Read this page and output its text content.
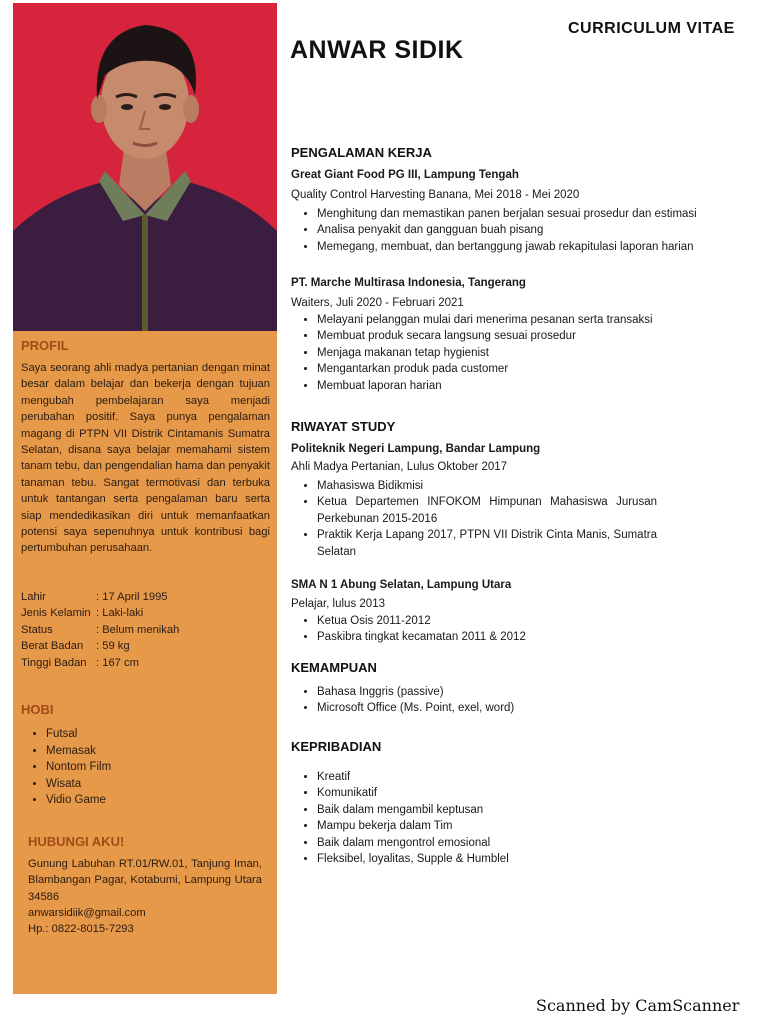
PROFIL

Saya seorang ahli madya pertanian dengan minat besar dalam belajar dan bekerja dengan tujuan mengubah pembelajaran saya menjadi perubahan positif. Saya punya pengalaman magang di PTPN VII Distrik Cintamanis Sumatra Selatan, disana saya belajar memahami sistem tanam tebu, dan pengendalian hama dan penyakit tanaman tebu. Sangat termotivasi dan terbuka untuk tantangan serta pengalaman baru serta siap mendedikasikan diri untuk memanfaatkan potensi saya sepenuhnya untuk kontribusi bagi pertumbuhan perusahaan.

Lahir	: 17 April 1995
Jenis Kelamin : Laki-laki
Status	: Belum menikah
Berat Badan	: 59 kg
Tinggi Badan : 167 cm
HOBI
• Futsal
• Memasak
• Nontom Film
• Wisata
• Vidio Game
HUBUNGI AKU!

Gunung Labuhan RT.01/RW.01, Tanjung Iman, Blambangan Pagar, Kotabumi, Lampung Utara 34586

anwarsidiik@gmail.com

Hp.: 0822-8015-7293

CURRICULUM VITAE
ANWAR SIDIK
PENGALAMAN KERJA

Great Giant Food PG III, Lampung Tengah

Quality Control Harvesting Banana, Mei 2018 - Mei 2020

• Menghitung dan memastikan panen berjalan sesuai prosedur dan estimasi
• Analisa penyakit dan gangguan buah pisang
• Memegang, membuat, dan bertanggung jawab rekapitulasi laporan harian

PT. Marche Multirasa Indonesia, Tangerang

Waiters, Juli 2020 - Februari 2021

• Melayani pelanggan mulai dari menerima pesanan serta transaksi
• Membuat produk secara langsung sesuai prosedur
• Menjaga makanan tetap hygienist
• Mengantarkan produk pada customer
• Membuat laporan harian
RIWAYAT STUDY

Politeknik Negeri Lampung, Bandar Lampung

Ahli Madya Pertanian, Lulus Oktober 2017

• Mahasiswa Bidikmisi
• Ketua Departemen INFOKOM Himpunan Mahasiswa Jurusan Perkebunan 2015-2016
• Praktik Kerja Lapang 2017, PTPN VII Distrik Cinta Manis, Sumatra Selatan

SMA N 1 Abung Selatan, Lampung Utara

Pelajar, lulus 2013

• Ketua Osis 2011-2012
• Paskibra tingkat kecamatan 2011 & 2012
KEMAMPUAN
• Bahasa Inggris (passive)
• Microsoft Office (Ms. Point, exel, word)
KEPRIBADIAN
• Kreatif
• Komunikatif
• Baik dalam mengambil keptusan
• Mampu bekerja dalam Tim
• Baik dalam mengontrol emosional
• Fleksibel, loyalitas, Supple & Humblel
Scanned by CamScanner
